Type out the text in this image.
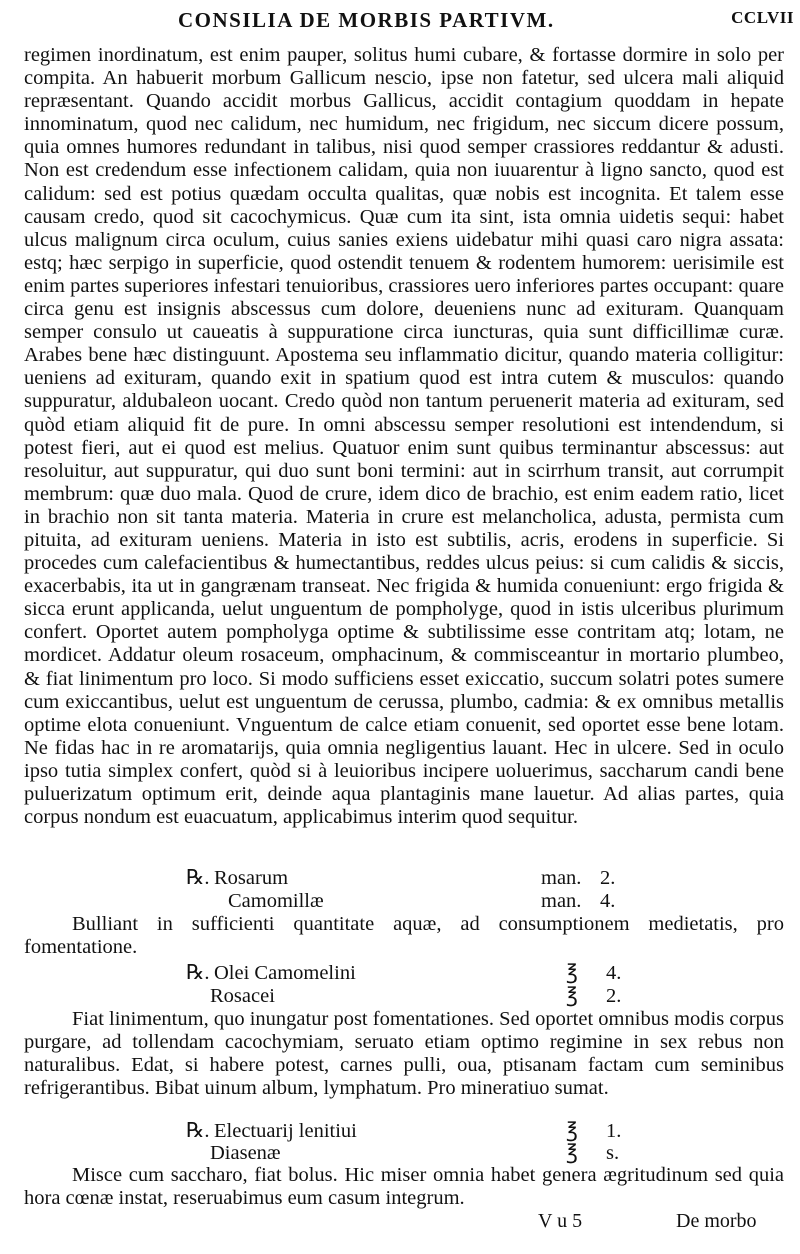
CONSILIA DE MORBIS PARTIVM.	CCLVII

regimen inordinatum, est enim pauper, solitus humi cubare, & fortasse dormire in solo per compita. An habuerit morbum Gallicum nescio, ipse non fatetur, sed ulcera mali aliquid repræsentant. Quando accidit morbus Gallicus, accidit contagium quoddam in hepate innominatum, quod nec calidum, nec humidum, nec frigidum, nec siccum dicere possum, quia omnes humores redundant in talibus, nisi quod semper crassiores reddantur & adusti. Non est credendum esse infectionem calidam, quia non iuuarentur à ligno sancto, quod est calidum: sed est potius quædam occulta qualitas, quæ nobis est incognita. Et talem esse causam credo, quod sit cacochymicus. Quæ cum ita sint, ista omnia uidetis sequi: habet ulcus malignum circa oculum, cuius sanies exiens uidebatur mihi quasi caro nigra assata: estq; hæc serpigo in superficie, quod ostendit tenuem & rodentem humorem: uerisimile est enim partes superiores infestari tenuioribus, crassiores uero inferiores partes occupant: quare circa genu est insignis abscessus cum dolore, deueniens nunc ad exituram. Quanquam semper consulo ut caueatis à suppuratione circa iuncturas, quia sunt difficillimæ curæ. Arabes bene hæc distinguunt. Apostema seu inflammatio dicitur, quando materia colligitur: ueniens ad exituram, quando exit in spatium quod est intra cutem & musculos: quando suppuratur, aldubaleon uocant. Credo quòd non tantum peruenerit materia ad exituram, sed quòd etiam aliquid fit de pure. In omni abscessu semper resolutioni est intendendum, si potest fieri, aut ei quod est melius. Quatuor enim sunt quibus terminantur abscessus: aut resoluitur, aut suppuratur, qui duo sunt boni termini: aut in scirrhum transit, aut corrumpit membrum: quæ duo mala. Quod de crure, idem dico de brachio, est enim eadem ratio, licet in brachio non sit tanta materia. Materia in crure est melancholica, adusta, permista cum pituita, ad exituram ueniens. Materia in isto est subtilis, acris, erodens in superficie. Si procedes cum calefacientibus & humectantibus, reddes ulcus peius: si cum calidis & siccis, exacerbabis, ita ut in gangrænam transeat. Nec frigida & humida conueniunt: ergo frigida & sicca erunt applicanda, uelut unguentum de pompholyge, quod in istis ulceribus plurimum confert. Oportet autem pompholyga optime & subtilissime esse contritam atq; lotam, ne mordicet. Addatur oleum rosaceum, omphacinum, & commisceantur in mortario plumbeo, & fiat linimentum pro loco. Si modo sufficiens esset exiccatio, succum solatri potes sumere cum exiccantibus, uelut est unguentum de cerussa, plumbo, cadmia: & ex omnibus metallis optime elota conueniunt. Vnguentum de calce etiam conuenit, sed oportet esse bene lotam. Ne fidas hac in re aromatarijs, quia omnia negligentius lauant. Hec in ulcere. Sed in oculo ipso tutia simplex confert, quòd si à leuioribus incipere uoluerimus, saccharum candi bene puluerizatum optimum erit, deinde aqua plantaginis mane lauetur. Ad alias partes, quia corpus nondum est euacuatum, applicabimus interim quod sequitur.

℞. Rosarum	man. 2.
Camomillæ	man. 4.

Bulliant in sufficienti quantitate aquæ, ad consumptionem medietatis, pro fomentatione.

℞. Olei Camomelini	℥ 4.
Rosacei	℥ 2.

Fiat linimentum, quo inungatur post fomentationes. Sed oportet omnibus modis corpus purgare, ad tollendam cacochymiam, seruato etiam optimo regimine in sex rebus non naturalibus. Edat, si habere potest, carnes pulli, oua, ptisanam factam cum seminibus refrigerantibus. Bibat uinum album, lymphatum. Pro mineratiuo sumat.

℞. Electuarij lenitiui	℥ 1.
Diasenæ	℥ s.

Misce cum saccharo, fiat bolus. Hic miser omnia habet genera ægritudinum sed quia hora cœnæ instat, reseruabimus eum casum integrum.

V u 5	De morbo
